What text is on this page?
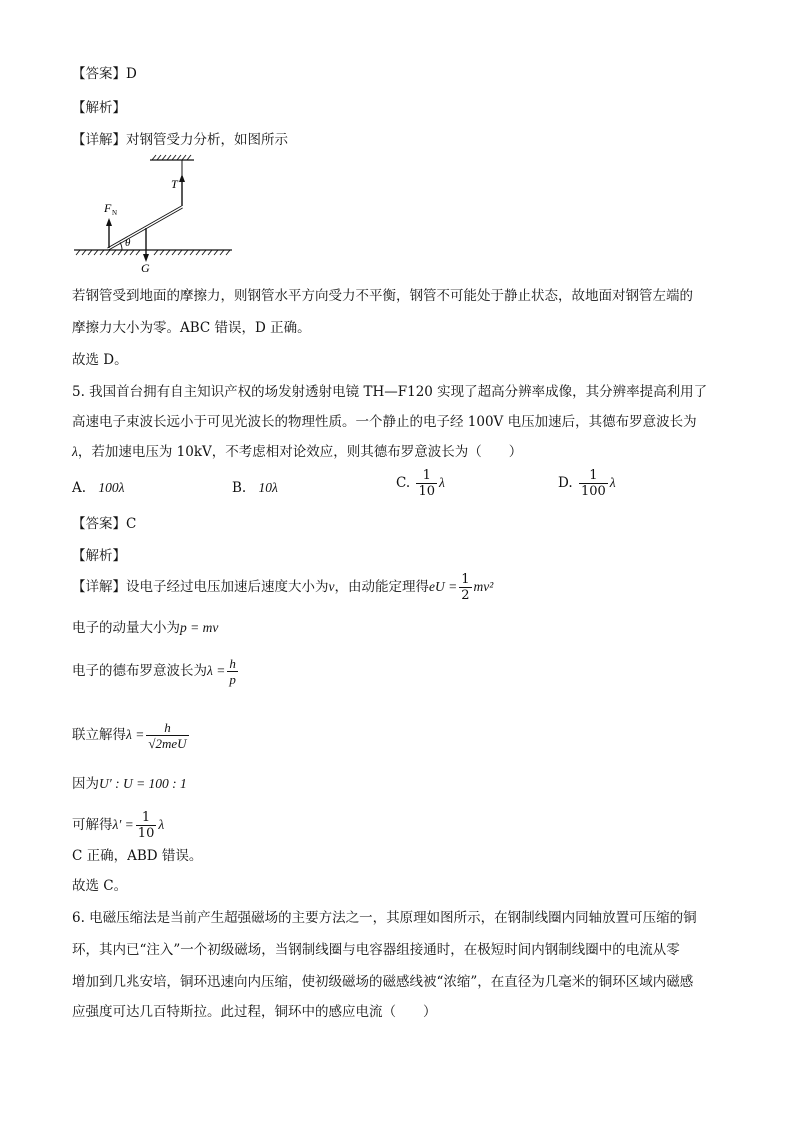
【答案】D
【解析】
【详解】对钢管受力分析，如图所示
T
F N
θ
G
若钢管受到地面的摩擦力，则钢管水平方向受力不平衡，钢管不可能处于静止状态，故地面对钢管左端的
摩擦力大小为零。ABC 错误，D 正确。
故选 D。
5. 我国首台拥有自主知识产权的场发射透射电镜 TH—F120 实现了超高分辨率成像，其分辨率提高利用了
高速电子束波长远小于可见光波长的物理性质。一个静止的电子经 100V 电压加速后，其德布罗意波长为
λ，若加速电压为 10kV，不考虑相对论效应，则其德布罗意波长为（　　）
A. 100λ	B. 10λ	C. $\frac{1}{10}$ λ	D. $\frac{1}{100}$ λ
【答案】C
【解析】
【详解】设电子经过电压加速后速度大小为v，由动能定理得eU = $\frac{1}{2} mv^2$
电子的动量大小为p = mv
电子的德布罗意波长为$\lambda = \frac{h}{p}$
联立解得$\lambda = \frac{h}{\text{√2meU}}$
因为U′ : U = 100 : 1
可解得$\lambda' = \frac{1}{10}$ λ
C 正确，ABD 错误。
故选 C。
6. 电磁压缩法是当前产生超强磁场的主要方法之一，其原理如图所示，在钢制线圈内同轴放置可压缩的铜
环，其内已“注入”一个初级磁场，当钢制线圈与电容器组接通时，在极短时间内钢制线圈中的电流从零
增加到几兆安培，铜环迅速向内压缩，使初级磁场的磁感线被“浓缩”，在直径为几毫米的铜环区域内磁感
应强度可达几百特斯拉。此过程，铜环中的感应电流（　　）
